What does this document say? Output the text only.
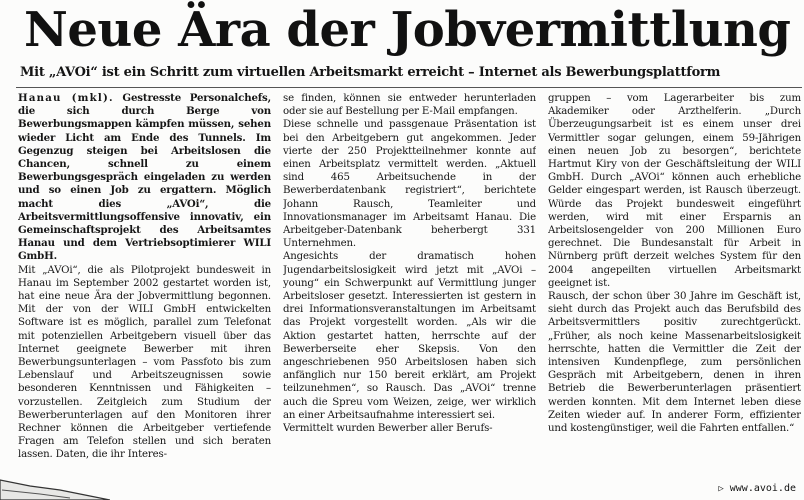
Neue Ära der Jobvermittlung
Mit „AVOi“ ist ein Schritt zum virtuellen Arbeitsmarkt erreicht – Internet als Bewerbungsplattform

Hanau (mkl). Gestresste Personalchefs, die sich durch Berge von Bewerbungsmappen kämpfen müssen, sehen wieder Licht am Ende des Tunnels. Im Gegenzug steigen bei Arbeitslosen die Chancen, schnell zu einem Bewerbungsgespräch eingeladen zu werden und so einen Job zu ergattern. Möglich macht dies „AVOi“, die Arbeitsvermittlungsoffensive innovativ, ein Gemeinschaftsprojekt des Arbeitsamtes Hanau und dem Vertriebsoptimierer WILI GmbH.

Mit „AVOi“, die als Pilotprojekt bundesweit in Hanau im September 2002 gestartet worden ist, hat eine neue Ära der Jobvermittlung begonnen. Mit der von der WILI GmbH entwickelten Software ist es möglich, parallel zum Telefonat mit potenziellen Arbeitgebern visuell über das Internet geeignete Bewerber mit ihren Bewerbungsunterlagen – vom Passfoto bis zum Lebenslauf und Arbeitszeugnissen sowie besonderen Kenntnissen und Fähigkeiten – vorzustellen. Zeitgleich zum Studium der Bewerberunterlagen auf den Monitoren ihrer Rechner können die Arbeitgeber vertiefende Fragen am Telefon stellen und sich beraten lassen. Daten, die ihr Interes-

se finden, können sie entweder herunterladen oder sie auf Bestellung per E-Mail empfangen.

Diese schnelle und passgenaue Präsentation ist bei den Arbeitgebern gut angekommen. Jeder vierte der 250 Projektteilnehmer konnte auf einen Arbeitsplatz vermittelt werden. „Aktuell sind 465 Arbeitsuchende in der Bewerberdatenbank registriert“, berichtete Johann Rausch, Teamleiter und Innovationsmanager im Arbeitsamt Hanau. Die Arbeitgeber-Datenbank beherbergt 331 Unternehmen.

Angesichts der dramatisch hohen Jugendarbeitslosigkeit wird jetzt mit „AVOi – young“ ein Schwerpunkt auf Vermittlung junger Arbeitsloser gesetzt. Interessierten ist gestern in drei Informationsveranstaltungen im Arbeitsamt das Projekt vorgestellt worden. „Als wir die Aktion gestartet hatten, herrschte auf der Bewerberseite eher Skepsis. Von den angeschriebenen 950 Arbeitslosen haben sich anfänglich nur 150 bereit erklärt, am Projekt teilzunehmen“, so Rausch. Das „AVOi“ trenne auch die Spreu vom Weizen, zeige, wer wirklich an einer Arbeitsaufnahme interessiert sei.

Vermittelt wurden Bewerber aller Berufs-

gruppen – vom Lagerarbeiter bis zum Akademiker oder Arzthelferin. „Durch Überzeugungsarbeit ist es einem unser drei Vermittler sogar gelungen, einem 59-Jährigen einen neuen Job zu besorgen“, berichtete Hartmut Kiry von der Geschäftsleitung der WILI GmbH. Durch „AVOi“ können auch erhebliche Gelder eingespart werden, ist Rausch überzeugt. Würde das Projekt bundesweit eingeführt werden, wird mit einer Ersparnis an Arbeitslosengelder von 200 Millionen Euro gerechnet. Die Bundesanstalt für Arbeit in Nürnberg prüft derzeit welches System für den 2004 angepeilten virtuellen Arbeitsmarkt geeignet ist.

Rausch, der schon über 30 Jahre im Geschäft ist, sieht durch das Projekt auch das Berufsbild des Arbeitsvermittlers positiv zurechtgerückt. „Früher, als noch keine Massenarbeitslosigkeit herrschte, hatten die Vermittler die Zeit der intensiven Kundenpflege, zum persönlichen Gespräch mit Arbeitgebern, denen in ihren Betrieb die Bewerberunterlagen präsentiert werden konnten. Mit dem Internet leben diese Zeiten wieder auf. In anderer Form, effizienter und kostengünstiger, weil die Fahrten entfallen.“

▷ www.avoi.de
